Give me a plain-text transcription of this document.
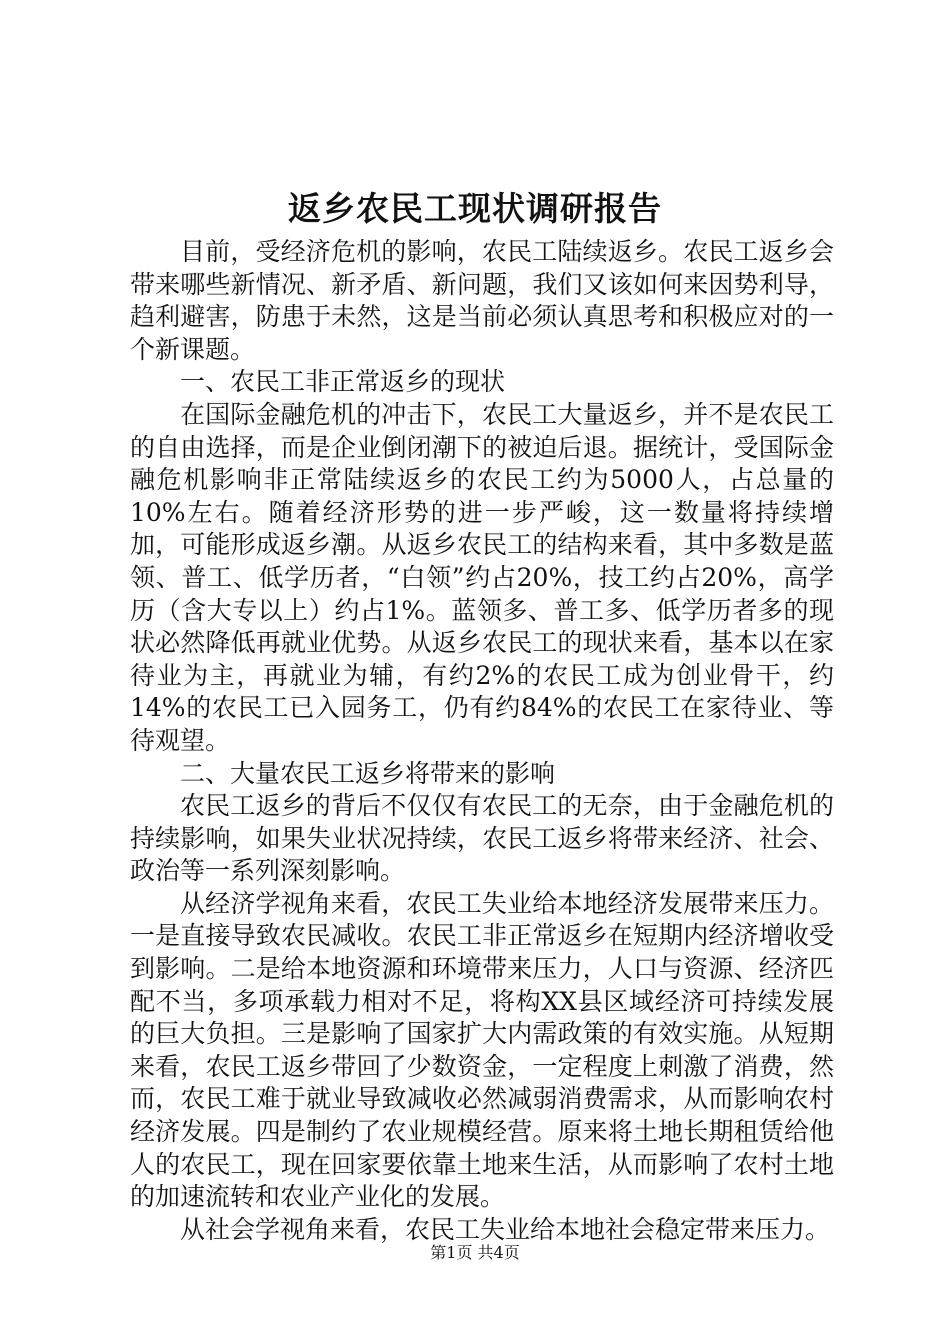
返乡农民工现状调研报告

目前，受经济危机的影响，农民工陆续返乡。农民工返乡会带来哪些新情况、新矛盾、新问题，我们又该如何来因势利导，趋利避害，防患于未然，这是当前必须认真思考和积极应对的一个新课题。

一、农民工非正常返乡的现状

在国际金融危机的冲击下，农民工大量返乡，并不是农民工的自由选择，而是企业倒闭潮下的被迫后退。据统计，受国际金融危机影响非正常陆续返乡的农民工约为5000人，占总量的10%左右。随着经济形势的进一步严峻，这一数量将持续增加，可能形成返乡潮。从返乡农民工的结构来看，其中多数是蓝领、普工、低学历者，“白领”约占20%，技工约占20%，高学历（含大专以上）约占1%。蓝领多、普工多、低学历者多的现状必然降低再就业优势。从返乡农民工的现状来看，基本以在家待业为主，再就业为辅，有约2%的农民工成为创业骨干，约14%的农民工已入园务工，仍有约84%的农民工在家待业、等待观望。

二、大量农民工返乡将带来的影响

农民工返乡的背后不仅仅有农民工的无奈，由于金融危机的持续影响，如果失业状况持续，农民工返乡将带来经济、社会、政治等一系列深刻影响。

从经济学视角来看，农民工失业给本地经济发展带来压力。一是直接导致农民减收。农民工非正常返乡在短期内经济增收受到影响。二是给本地资源和环境带来压力，人口与资源、经济匹配不当，多项承载力相对不足，将构XX县区域经济可持续发展的巨大负担。三是影响了国家扩大内需政策的有效实施。从短期来看，农民工返乡带回了少数资金，一定程度上刺激了消费，然而，农民工难于就业导致减收必然减弱消费需求，从而影响农村经济发展。四是制约了农业规模经营。原来将土地长期租赁给他人的农民工，现在回家要依靠土地来生活，从而影响了农村土地的加速流转和农业产业化的发展。

从社会学视角来看，农民工失业给本地社会稳定带来压力。

第1页 共4页
